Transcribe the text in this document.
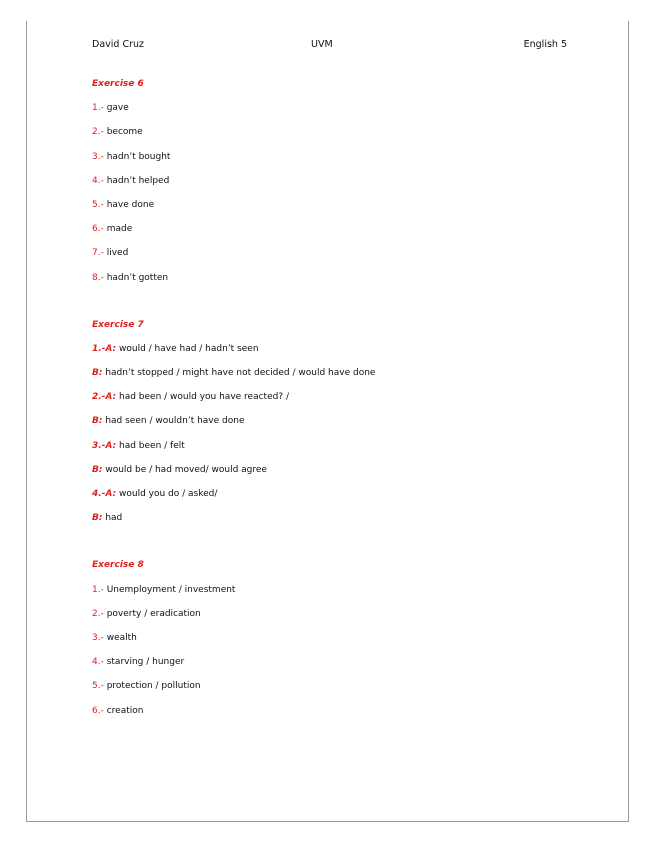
David Cruz	UVM	English 5
Exercise 6
1.- gave
2.- become
3.- hadn’t bought
4.- hadn’t helped
5.- have done
6.- made
7.- lived
8.- hadn’t gotten
Exercise 7
1.-A: would / have had / hadn’t seen
B: hadn’t stopped / might have not decided / would have done
2.-A: had been / would you have reacted? /
B: had seen / wouldn’t have done
3.-A: had been / felt
B: would be / had moved/ would agree
4.-A: would you do / asked/
B: had
Exercise 8
1.- Unemployment / investment
2.- poverty / eradication
3.- wealth
4.- starving / hunger
5.- protection / pollution
6.- creation
